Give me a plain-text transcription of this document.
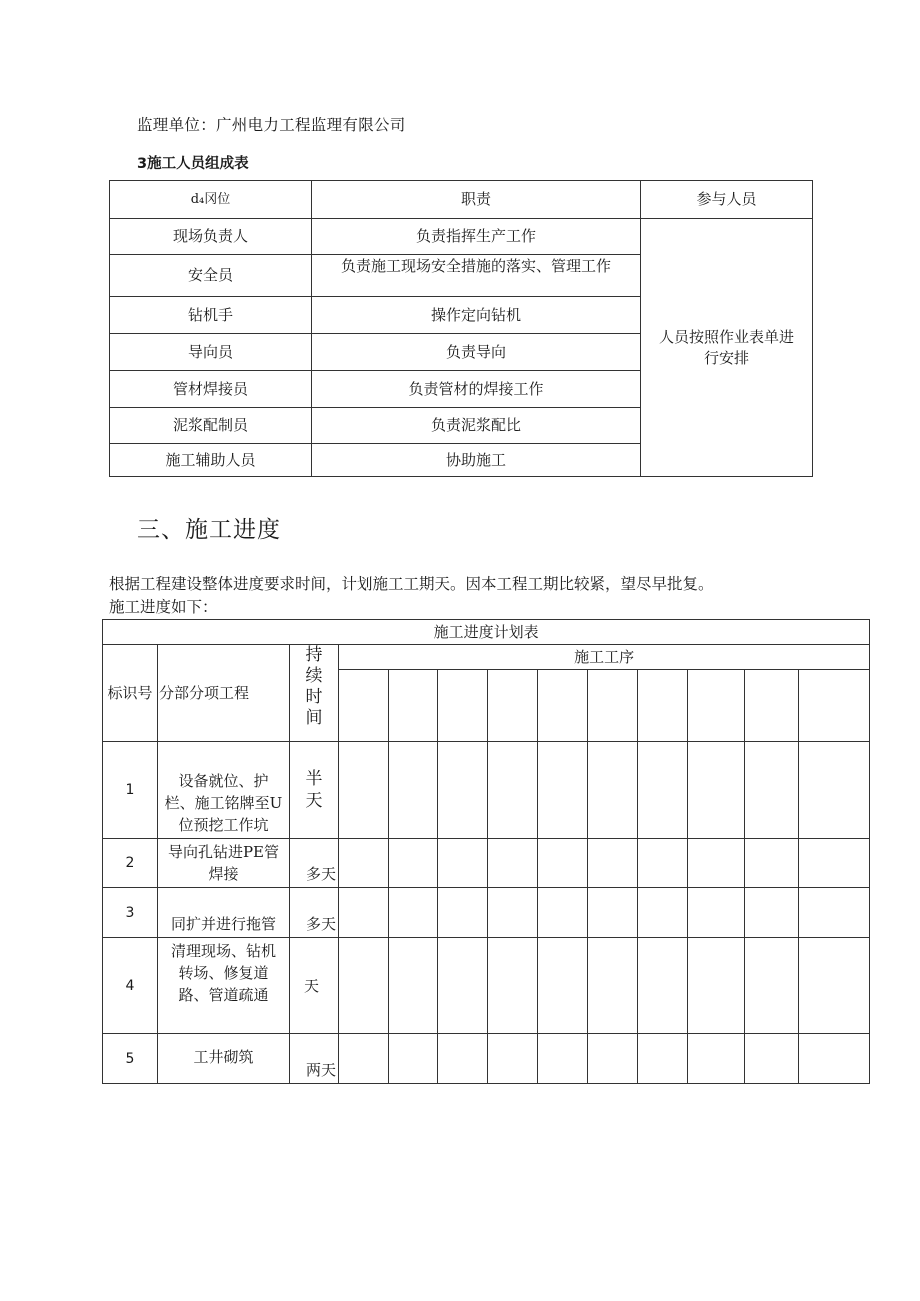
监理单位：广州电力工程监理有限公司
3施工人员组成表
ⅾ₄冈位	职责	参与人员
现场负责人	负责指挥生产工作	人员按照作业表单进
行安排

安全员	负责施工现场安全措施的落实、管理工作	
钻机手	操作定向钻机	
导向员	负责导向	
管材焊接员	负责管材的焊接工作	
泥浆配制员	负责泥浆配比	
施工辅助人员	协助施工	
三、施工进度
根据工程建设整体进度要求时间，计划施工工期天。因本工程工期比较紧，望尽早批复。
施工进度如下：
施工进度计划表												
标识号	分部分项工程	持
续
时
间	施工工序									

1	设备就位、护
栏、施工铭牌至U
位预挖工作坑	半
天										

2	导向孔钻进PE管
焊接	多天										
3	同扩并进行拖管	多天										
4	清理现场、钻机
转场、修复道
路、管道疏通	天										
5	工井砌筑	两天										
